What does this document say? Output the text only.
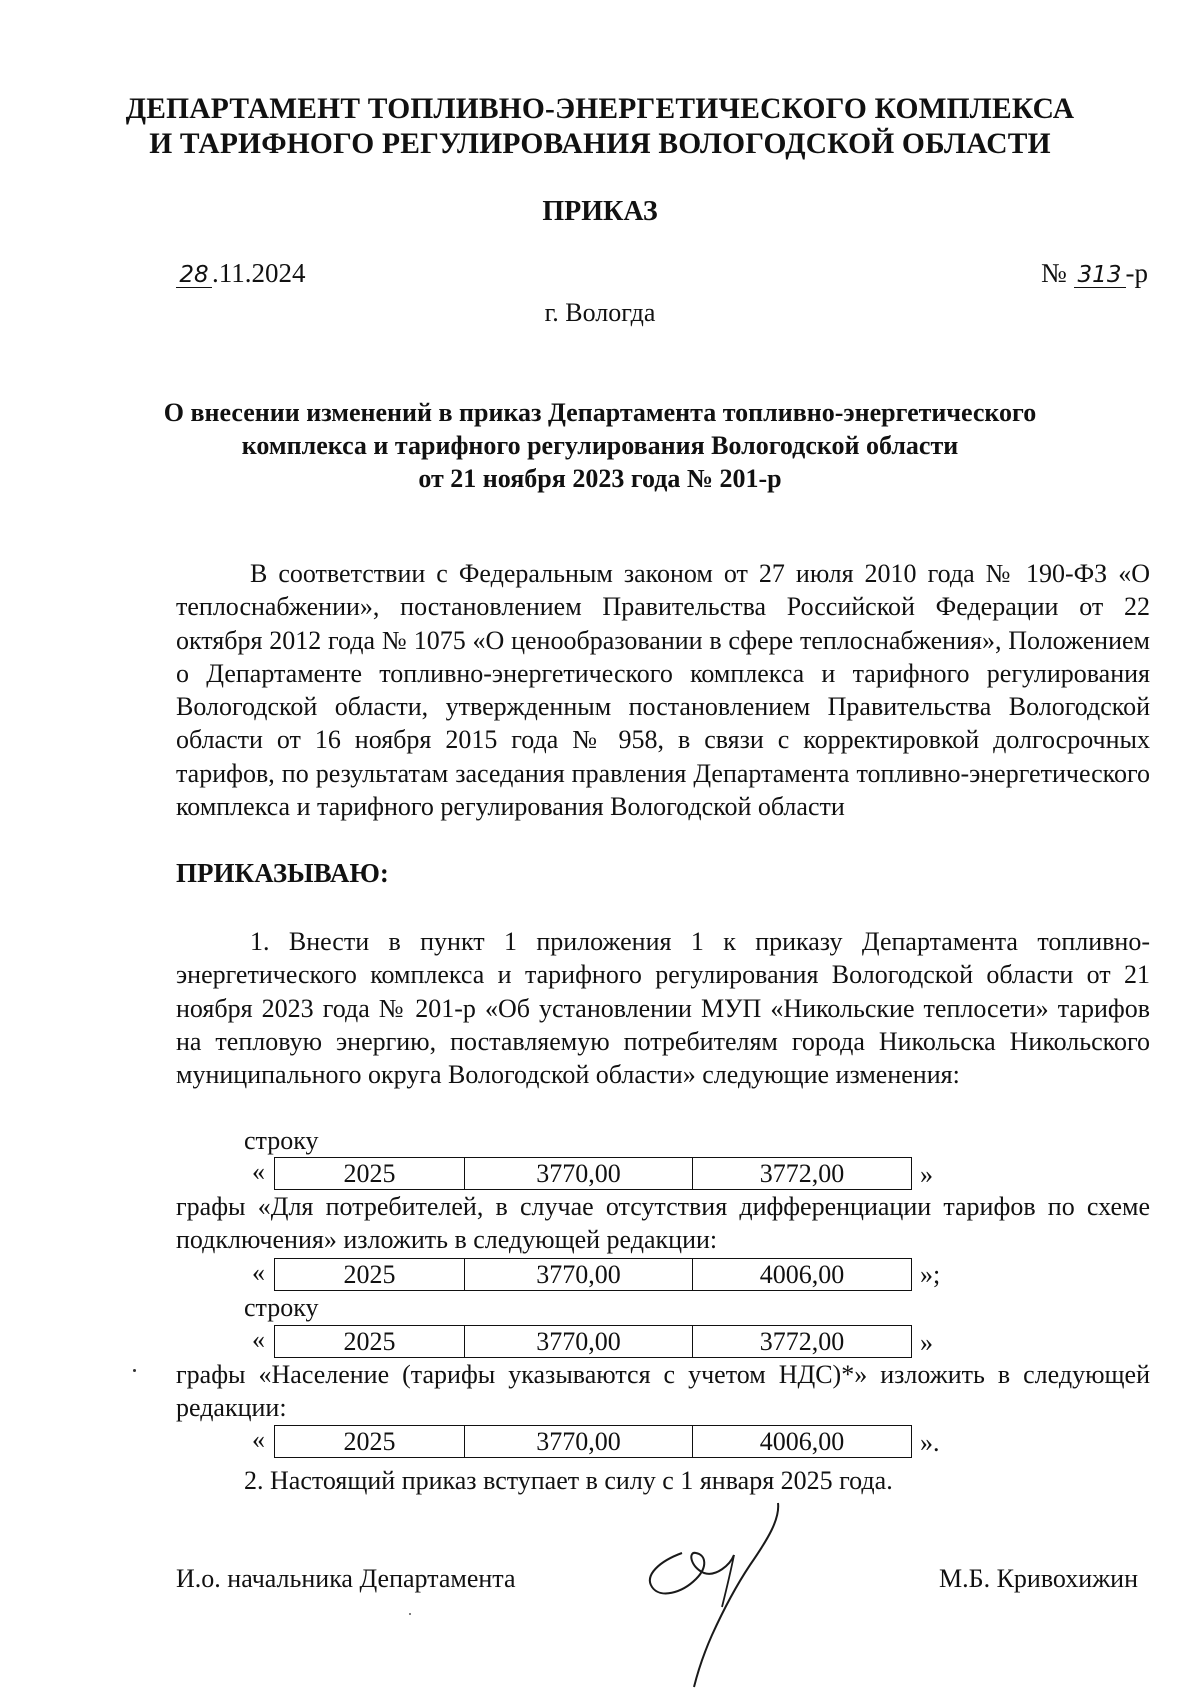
ДЕПАРТАМЕНТ ТОПЛИВНО-ЭНЕРГЕТИЧЕСКОГО КОМПЛЕКСА
И ТАРИФНОГО РЕГУЛИРОВАНИЯ ВОЛОГОДСКОЙ ОБЛАСТИ
ПРИКАЗ
28 .11.2024	№ 313 -р
г. Вологда
О внесении изменений в приказ Департамента топливно-энергетического
комплекса и тарифного регулирования Вологодской области
от 21 ноября 2023 года № 201-р

В соответствии с Федеральным законом от 27 июля 2010 года № 190-ФЗ «О теплоснабжении», постановлением Правительства Российской Федерации от 22 октября 2012 года № 1075 «О ценообразовании в сфере теплоснабжения», Положением о Департаменте топливно-энергетического комплекса и тарифного регулирования Вологодской области, утвержденным постановлением Правительства Вологодской области от 16 ноября 2015 года № 958, в связи с корректировкой долгосрочных тарифов, по результатам заседания правления Департамента топливно-энергетического комплекса и тарифного регулирования Вологодской области

ПРИКАЗЫВАЮ:

1. Внести в пункт 1 приложения 1 к приказу Департамента топливно-энергетического комплекса и тарифного регулирования Вологодской области от 21 ноября 2023 года № 201-р «Об установлении МУП «Никольские теплосети» тарифов на тепловую энергию, поставляемую потребителям города Никольска Никольского муниципального округа Вологодской области» следующие изменения:

строку
«	2025	3770,00	3772,00	»

графы «Для потребителей, в случае отсутствия дифференциации тарифов по схеме подключения» изложить в следующей редакции:

«	2025	3770,00	4006,00	»;
строку
«	2025	3770,00	3772,00	»

графы «Население (тарифы указываются с учетом НДС)*» изложить в следующей редакции:

«	2025	3770,00	4006,00	».
2. Настоящий приказ вступает в силу с 1 января 2025 года.
И.о. начальника Департамента	М.Б. Кривохижин
